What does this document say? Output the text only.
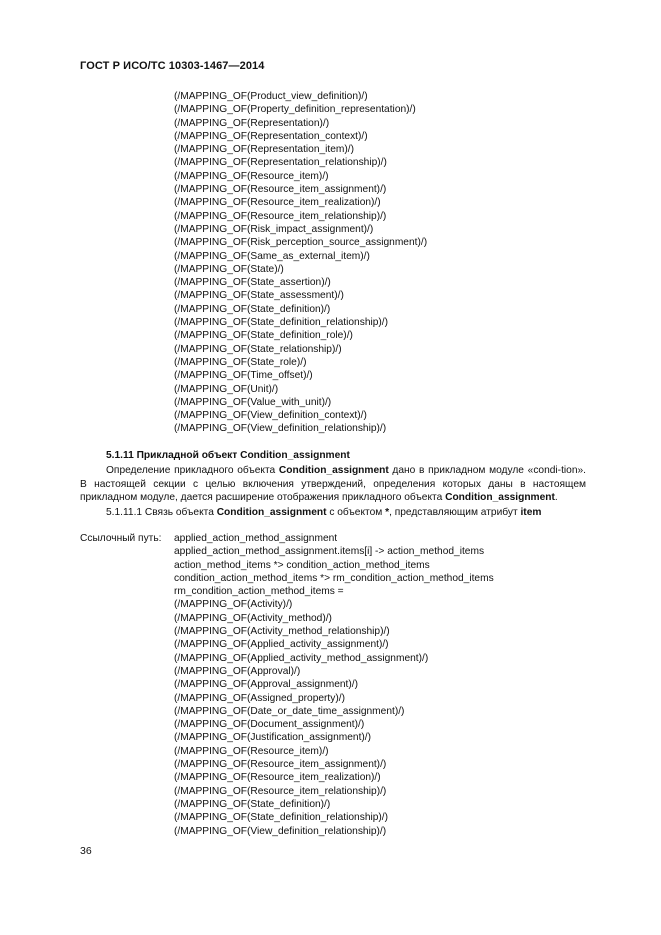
ГОСТ Р ИСО/ТС 10303-1467—2014
(/MAPPING_OF(Product_view_definition)/)
(/MAPPING_OF(Property_definition_representation)/)
(/MAPPING_OF(Representation)/)
(/MAPPING_OF(Representation_context)/)
(/MAPPING_OF(Representation_item)/)
(/MAPPING_OF(Representation_relationship)/)
(/MAPPING_OF(Resource_item)/)
(/MAPPING_OF(Resource_item_assignment)/)
(/MAPPING_OF(Resource_item_realization)/)
(/MAPPING_OF(Resource_item_relationship)/)
(/MAPPING_OF(Risk_impact_assignment)/)
(/MAPPING_OF(Risk_perception_source_assignment)/)
(/MAPPING_OF(Same_as_external_item)/)
(/MAPPING_OF(State)/)
(/MAPPING_OF(State_assertion)/)
(/MAPPING_OF(State_assessment)/)
(/MAPPING_OF(State_definition)/)
(/MAPPING_OF(State_definition_relationship)/)
(/MAPPING_OF(State_definition_role)/)
(/MAPPING_OF(State_relationship)/)
(/MAPPING_OF(State_role)/)
(/MAPPING_OF(Time_offset)/)
(/MAPPING_OF(Unit)/)
(/MAPPING_OF(Value_with_unit)/)
(/MAPPING_OF(View_definition_context)/)
(/MAPPING_OF(View_definition_relationship)/)
5.1.11 Прикладной объект Condition_assignment

Определение прикладного объекта Condition_assignment дано в прикладном модуле «condi-tion». В настоящей секции с целью включения утверждений, определения которых даны в настоящем прикладном модуле, дается расширение отображения прикладного объекта Condition_assignment.

5.1.11.1 Связь объекта Condition_assignment с объектом *, представляющим атрибут item

Ссылочный путь: applied_action_method_assignment
applied_action_method_assignment.items[i] -> action_method_items
action_method_items *> condition_action_method_items
condition_action_method_items *> rm_condition_action_method_items
rm_condition_action_method_items =
(/MAPPING_OF(Activity)/)
(/MAPPING_OF(Activity_method)/)
(/MAPPING_OF(Activity_method_relationship)/)
(/MAPPING_OF(Applied_activity_assignment)/)
(/MAPPING_OF(Applied_activity_method_assignment)/)
(/MAPPING_OF(Approval)/)
(/MAPPING_OF(Approval_assignment)/)
(/MAPPING_OF(Assigned_property)/)
(/MAPPING_OF(Date_or_date_time_assignment)/)
(/MAPPING_OF(Document_assignment)/)
(/MAPPING_OF(Justification_assignment)/)
(/MAPPING_OF(Resource_item)/)
(/MAPPING_OF(Resource_item_assignment)/)
(/MAPPING_OF(Resource_item_realization)/)
(/MAPPING_OF(Resource_item_relationship)/)
(/MAPPING_OF(State_definition)/)
(/MAPPING_OF(State_definition_relationship)/)
(/MAPPING_OF(View_definition_relationship)/)
36
